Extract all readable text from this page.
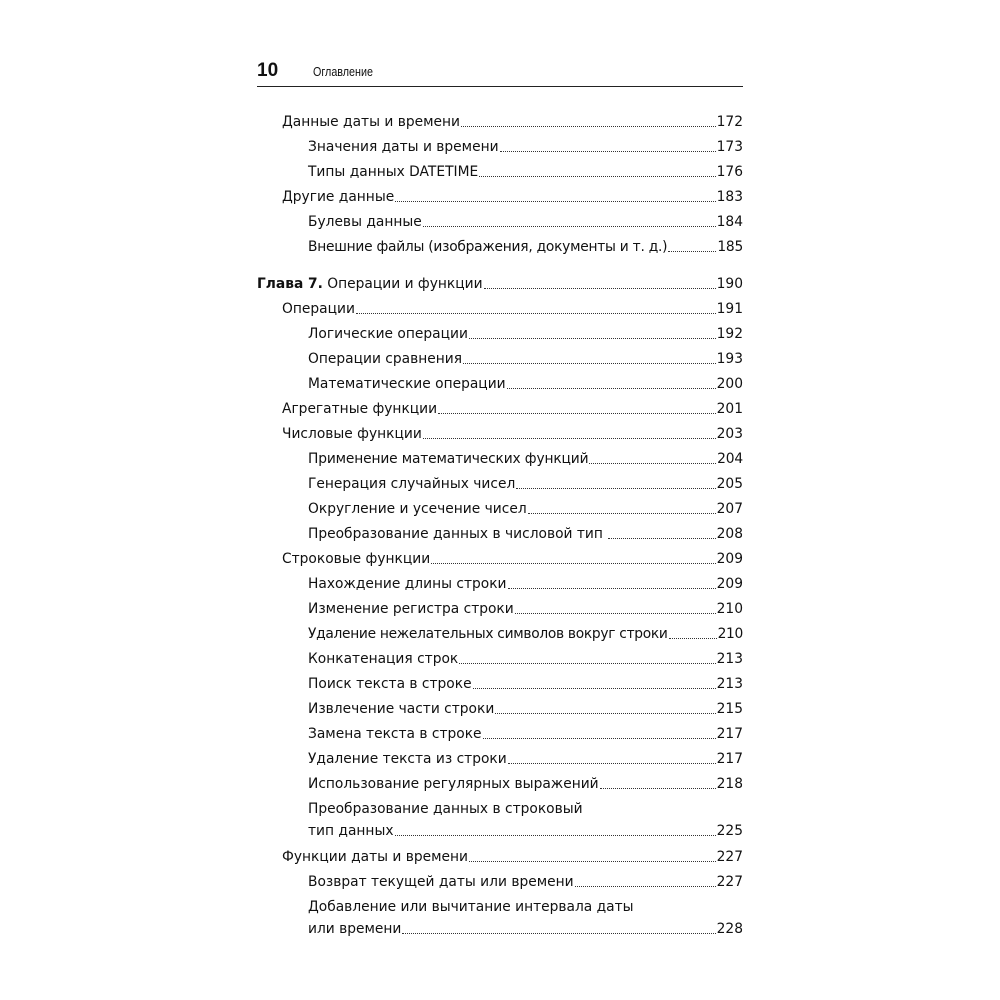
10	Оглавление
Данные даты и времени	172
Значения даты и времени	173
Типы данных DATETIME	176
Другие данные	183
Булевы данные	184
Внешние файлы (изображения, документы и т. д.)	185
Глава 7. Операции и функции	190
Операции	191
Логические операции	192
Операции сравнения	193
Математические операции	200
Агрегатные функции	201
Числовые функции	203
Применение математических функций	204
Генерация случайных чисел	205
Округление и усечение чисел	207
Преобразование данных в числовой тип	208
Строковые функции	209
Нахождение длины строки	209
Изменение регистра строки	210
Удаление нежелательных символов вокруг строки	210
Конкатенация строк	213
Поиск текста в строке	213
Извлечение части строки	215
Замена текста в строке	217
Удаление текста из строки	217
Использование регулярных выражений	218
Преобразование данных в строковый
тип данных	225
Функции даты и времени	227
Возврат текущей даты или времени	227
Добавление или вычитание интервала даты
или времени	228
